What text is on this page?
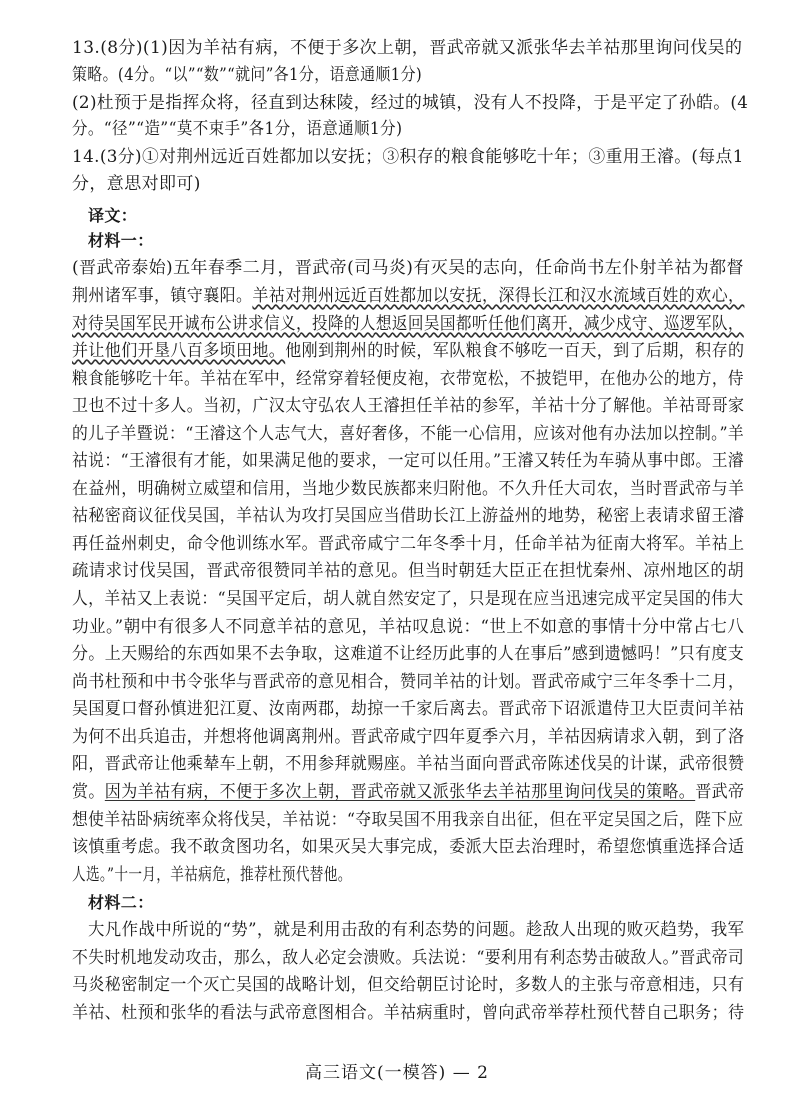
13.(8分)(1)因为羊祜有病，不便于多次上朝，晋武帝就又派张华去羊祜那里询问伐吴的
策略。(4分。“以”“数”“就问”各1分，语意通顺1分)
(2)杜预于是指挥众将，径直到达秣陵，经过的城镇，没有人不投降，于是平定了孙皓。(4
分。“径”“造”“莫不束手”各1分，语意通顺1分)
14.(3分)①对荆州远近百姓都加以安抚；③积存的粮食能够吃十年；③重用王濬。(每点1
分，意思对即可)
译文：
材料一：
(晋武帝泰始)五年春季二月，晋武帝(司马炎)有灭吴的志向，任命尚书左仆射羊祜为都督
荆州诸军事，镇守襄阳。羊祜对荆州远近百姓都加以安抚，深得长江和汉水流域百姓的欢心，
对待吴国军民开诚布公讲求信义，投降的人想返回吴国都听任他们离开，减少戍守、巡逻军队，
并让他们开垦八百多顷田地。他刚到荆州的时候，军队粮食不够吃一百天，到了后期，积存的
粮食能够吃十年。羊祜在军中，经常穿着轻便皮袍，衣带宽松，不披铠甲，在他办公的地方，侍
卫也不过十多人。当初，广汉太守弘农人王濬担任羊祜的参军，羊祜十分了解他。羊祜哥哥家
的儿子羊暨说：“王濬这个人志气大，喜好奢侈，不能一心信用，应该对他有办法加以控制。”羊
祜说：“王濬很有才能，如果满足他的要求，一定可以任用。”王濬又转任为车骑从事中郎。王濬
在益州，明确树立威望和信用，当地少数民族都来归附他。不久升任大司农，当时晋武帝与羊
祜秘密商议征伐吴国，羊祜认为攻打吴国应当借助长江上游益州的地势，秘密上表请求留王濬
再任益州刺史，命令他训练水军。晋武帝咸宁二年冬季十月，任命羊祜为征南大将军。羊祜上
疏请求讨伐吴国，晋武帝很赞同羊祜的意见。但当时朝廷大臣正在担忧秦州、凉州地区的胡
人，羊祜又上表说：“吴国平定后，胡人就自然安定了，只是现在应当迅速完成平定吴国的伟大
功业。”朝中有很多人不同意羊祜的意见，羊祜叹息说：“世上不如意的事情十分中常占七八
分。上天赐给的东西如果不去争取，这难道不让经历此事的人在事后”感到遗憾吗！”只有度支
尚书杜预和中书令张华与晋武帝的意见相合，赞同羊祜的计划。晋武帝咸宁三年冬季十二月，
吴国夏口督孙慎进犯江夏、汝南两郡，劫掠一千家后离去。晋武帝下诏派遣侍卫大臣责问羊祜
为何不出兵追击，并想将他调离荆州。晋武帝咸宁四年夏季六月，羊祜因病请求入朝，到了洛
阳，晋武帝让他乘辇车上朝，不用参拜就赐座。羊祜当面向晋武帝陈述伐吴的计谋，武帝很赞
赏。因为羊祜有病，不便于多次上朝，晋武帝就又派张华去羊祜那里询问伐吴的策略。晋武帝
想使羊祜卧病统率众将伐吴，羊祜说：“夺取吴国不用我亲自出征，但在平定吴国之后，陛下应
该慎重考虑。我不敢贪图功名，如果灭吴大事完成，委派大臣去治理时，希望您慎重选择合适
人选。”十一月，羊祜病危，推荐杜预代替他。
材料二：
大凡作战中所说的“势”，就是利用击敌的有利态势的问题。趁敌人出现的败灭趋势，我军
不失时机地发动攻击，那么，敌人必定会溃败。兵法说：“要利用有利态势击破敌人。”晋武帝司
马炎秘密制定一个灭亡吴国的战略计划，但交给朝臣讨论时，多数人的主张与帝意相违，只有
羊祜、杜预和张华的看法与武帝意图相合。羊祜病重时，曾向武帝举荐杜预代替自己职务；待
高三语文(一模答) — 2
